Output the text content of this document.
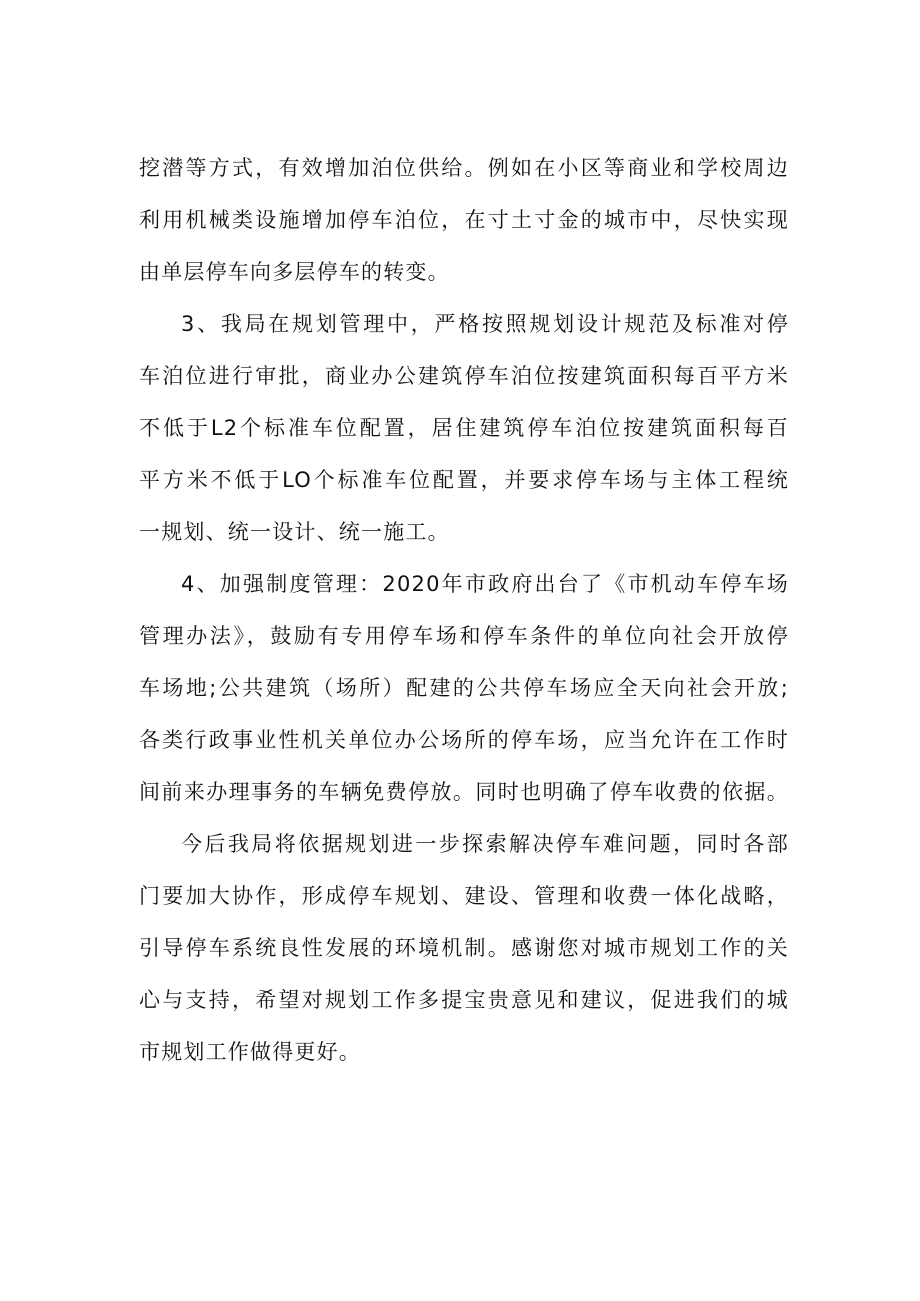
挖潜等方式，有效增加泊位供给。例如在小区等商业和学校周边
利用机械类设施增加停车泊位，在寸土寸金的城市中，尽快实现
由单层停车向多层停车的转变。
3、我局在规划管理中，严格按照规划设计规范及标准对停
车泊位进行审批，商业办公建筑停车泊位按建筑面积每百平方米
不低于L2个标准车位配置，居住建筑停车泊位按建筑面积每百
平方米不低于LO个标准车位配置，并要求停车场与主体工程统
一规划、统一设计、统一施工。
4、加强制度管理：2020年市政府出台了《市机动车停车场
管理办法》，鼓励有专用停车场和停车条件的单位向社会开放停
车场地;公共建筑（场所）配建的公共停车场应全天向社会开放;
各类行政事业性机关单位办公场所的停车场，应当允许在工作时
间前来办理事务的车辆免费停放。同时也明确了停车收费的依据。
今后我局将依据规划进一步探索解决停车难问题，同时各部
门要加大协作，形成停车规划、建设、管理和收费一体化战略，
引导停车系统良性发展的环境机制。感谢您对城市规划工作的关
心与支持，希望对规划工作多提宝贵意见和建议，促进我们的城
市规划工作做得更好。
